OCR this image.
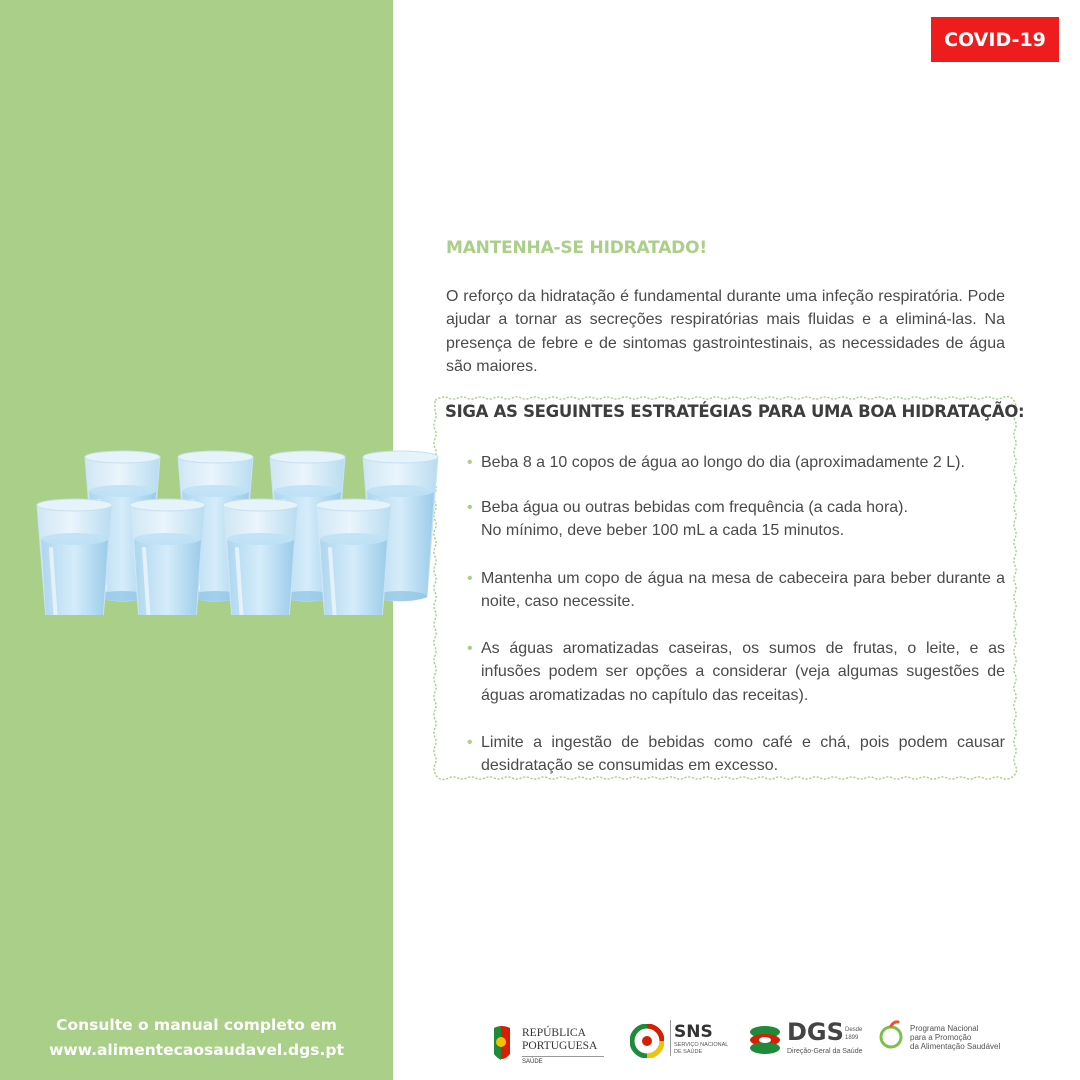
COVID-19
MANTENHA-SE HIDRATADO!
O reforço da hidratação é fundamental durante uma infeção respiratória. Pode ajudar a tornar as secreções respiratórias mais fluidas e a eliminá-las. Na presença de febre e de sintomas gastrointestinais, as necessidades de água são maiores.
SIGA AS SEGUINTES ESTRATÉGIAS PARA UMA BOA HIDRATAÇÃO:
• Beba 8 a 10 copos de água ao longo do dia (aproximadamente 2 L).
• Beba água ou outras bebidas com frequência (a cada hora).
No mínimo, deve beber 100 mL a cada 15 minutos.
• Mantenha um copo de água na mesa de cabeceira para beber durante a noite, caso necessite.
• As águas aromatizadas caseiras, os sumos de frutas, o leite, e as infusões podem ser opções a considerar (veja algumas sugestões de águas aromatizadas no capítulo das receitas).
• Limite a ingestão de bebidas como café e chá, pois podem causar desidratação se consumidas em excesso.
Consulte o manual completo em
www.alimentecaosaudavel.dgs.pt
REPÚBLICA
PORTUGUESA
SAÚDE
SNS
SERVIÇO NACIONAL
DE SAÚDE
DGS Desde
1899
Direção-Geral da Saúde
Programa Nacional
para a Promoção
da Alimentação Saudável
